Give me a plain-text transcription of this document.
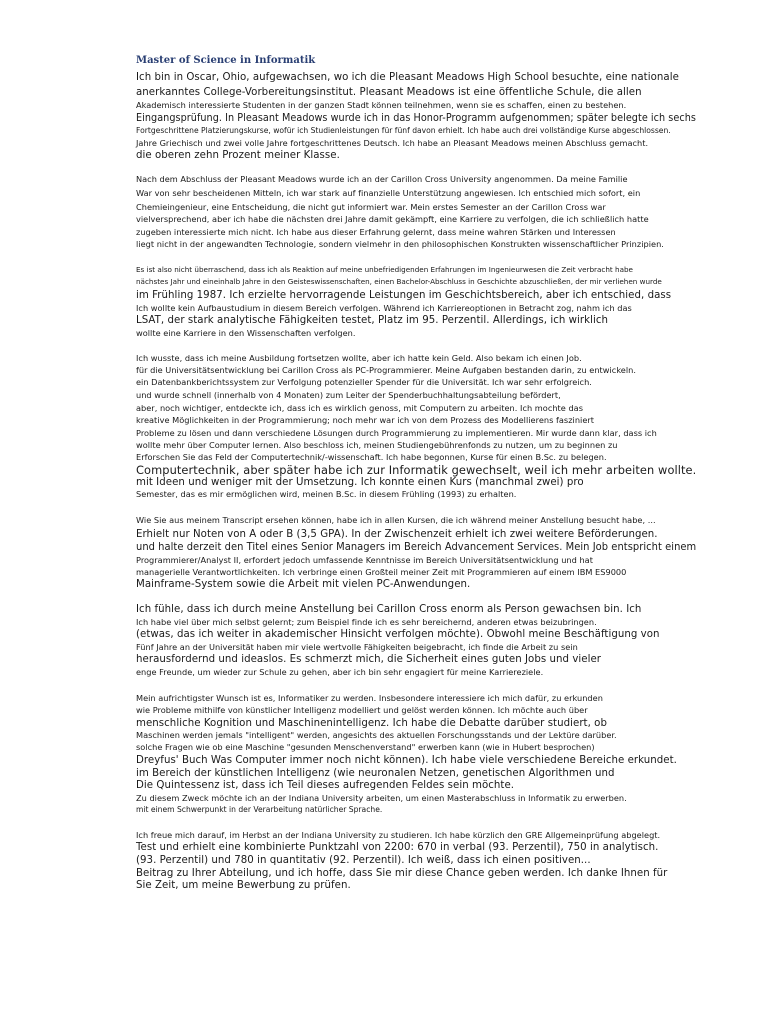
Master of Science in Informatik
Ich bin in Oscar, Ohio, aufgewachsen, wo ich die Pleasant Meadows High School besuchte, eine nationale
anerkanntes College-Vorbereitungsinstitut. Pleasant Meadows ist eine öffentliche Schule, die allen
Akademisch interessierte Studenten in der ganzen Stadt können teilnehmen, wenn sie es schaffen, einen zu bestehen.
Eingangsprüfung. In Pleasant Meadows wurde ich in das Honor-Programm aufgenommen; später belegte ich sechs
Fortgeschrittene Platzierungskurse, wofür ich Studienleistungen für fünf davon erhielt. Ich habe auch drei vollständige Kurse abgeschlossen.
Jahre Griechisch und zwei volle Jahre fortgeschrittenes Deutsch. Ich habe an Pleasant Meadows meinen Abschluss gemacht.
die oberen zehn Prozent meiner Klasse.
Nach dem Abschluss der Pleasant Meadows wurde ich an der Carillon Cross University angenommen. Da meine Familie
War von sehr bescheidenen Mitteln, ich war stark auf finanzielle Unterstützung angewiesen. Ich entschied mich sofort, ein
Chemieingenieur, eine Entscheidung, die nicht gut informiert war. Mein erstes Semester an der Carillon Cross war
vielversprechend, aber ich habe die nächsten drei Jahre damit gekämpft, eine Karriere zu verfolgen, die ich schließlich hatte
zugeben interessierte mich nicht. Ich habe aus dieser Erfahrung gelernt, dass meine wahren Stärken und Interessen
liegt nicht in der angewandten Technologie, sondern vielmehr in den philosophischen Konstrukten wissenschaftlicher Prinzipien.
Es ist also nicht überraschend, dass ich als Reaktion auf meine unbefriedigenden Erfahrungen im Ingenieurwesen die Zeit verbracht habe
nächstes Jahr und eineinhalb Jahre in den Geisteswissenschaften, einen Bachelor-Abschluss in Geschichte abzuschließen, der mir verliehen wurde
im Frühling 1987. Ich erzielte hervorragende Leistungen im Geschichtsbereich, aber ich entschied, dass
Ich wollte kein Aufbaustudium in diesem Bereich verfolgen. Während ich Karriereoptionen in Betracht zog, nahm ich das
LSAT, der stark analytische Fähigkeiten testet, Platz im 95. Perzentil. Allerdings, ich wirklich
wollte eine Karriere in den Wissenschaften verfolgen.
Ich wusste, dass ich meine Ausbildung fortsetzen wollte, aber ich hatte kein Geld. Also bekam ich einen Job.
für die Universitätsentwicklung bei Carillon Cross als PC-Programmierer. Meine Aufgaben bestanden darin, zu entwickeln.
ein Datenbankberichtssystem zur Verfolgung potenzieller Spender für die Universität. Ich war sehr erfolgreich.
und wurde schnell (innerhalb von 4 Monaten) zum Leiter der Spenderbuchhaltungsabteilung befördert,
aber, noch wichtiger, entdeckte ich, dass ich es wirklich genoss, mit Computern zu arbeiten. Ich mochte das
kreative Möglichkeiten in der Programmierung; noch mehr war ich von dem Prozess des Modellierens fasziniert
Probleme zu lösen und dann verschiedene Lösungen durch Programmierung zu implementieren. Mir wurde dann klar, dass ich
wollte mehr über Computer lernen. Also beschloss ich, meinen Studiengebührenfonds zu nutzen, um zu beginnen zu
Erforschen Sie das Feld der Computertechnik/-wissenschaft. Ich habe begonnen, Kurse für einen B.Sc. zu belegen.
Computertechnik, aber später habe ich zur Informatik gewechselt, weil ich mehr arbeiten wollte.
mit Ideen und weniger mit der Umsetzung. Ich konnte einen Kurs (manchmal zwei) pro
Semester, das es mir ermöglichen wird, meinen B.Sc. in diesem Frühling (1993) zu erhalten.
Wie Sie aus meinem Transcript ersehen können, habe ich in allen Kursen, die ich während meiner Anstellung besucht habe, ...
Erhielt nur Noten von A oder B (3,5 GPA). In der Zwischenzeit erhielt ich zwei weitere Beförderungen.
und halte derzeit den Titel eines Senior Managers im Bereich Advancement Services. Mein Job entspricht einem
Programmierer/Analyst II, erfordert jedoch umfassende Kenntnisse im Bereich Universitätsentwicklung und hat
managerielle Verantwortlichkeiten. Ich verbringe einen Großteil meiner Zeit mit Programmieren auf einem IBM ES9000
Mainframe-System sowie die Arbeit mit vielen PC-Anwendungen.
Ich fühle, dass ich durch meine Anstellung bei Carillon Cross enorm als Person gewachsen bin. Ich
Ich habe viel über mich selbst gelernt; zum Beispiel finde ich es sehr bereichernd, anderen etwas beizubringen.
(etwas, das ich weiter in akademischer Hinsicht verfolgen möchte). Obwohl meine Beschäftigung von
Fünf Jahre an der Universität haben mir viele wertvolle Fähigkeiten beigebracht, ich finde die Arbeit zu sein
herausfordernd und ideaslos. Es schmerzt mich, die Sicherheit eines guten Jobs und vieler
enge Freunde, um wieder zur Schule zu gehen, aber ich bin sehr engagiert für meine Karriereziele.
Mein aufrichtigster Wunsch ist es, Informatiker zu werden. Insbesondere interessiere ich mich dafür, zu erkunden
wie Probleme mithilfe von künstlicher Intelligenz modelliert und gelöst werden können. Ich möchte auch über
menschliche Kognition und Maschinenintelligenz. Ich habe die Debatte darüber studiert, ob
Maschinen werden jemals "intelligent" werden, angesichts des aktuellen Forschungsstands und der Lektüre darüber.
solche Fragen wie ob eine Maschine "gesunden Menschenverstand" erwerben kann (wie in Hubert besprochen)
Dreyfus' Buch Was Computer immer noch nicht können). Ich habe viele verschiedene Bereiche erkundet.
im Bereich der künstlichen Intelligenz (wie neuronalen Netzen, genetischen Algorithmen und
Die Quintessenz ist, dass ich Teil dieses aufregenden Feldes sein möchte.
Zu diesem Zweck möchte ich an der Indiana University arbeiten, um einen Masterabschluss in Informatik zu erwerben.
mit einem Schwerpunkt in der Verarbeitung natürlicher Sprache.
Ich freue mich darauf, im Herbst an der Indiana University zu studieren. Ich habe kürzlich den GRE Allgemeinprüfung abgelegt.
Test und erhielt eine kombinierte Punktzahl von 2200: 670 in verbal (93. Perzentil), 750 in analytisch.
(93. Perzentil) und 780 in quantitativ (92. Perzentil). Ich weiß, dass ich einen positiven...
Beitrag zu Ihrer Abteilung, und ich hoffe, dass Sie mir diese Chance geben werden. Ich danke Ihnen für
Sie Zeit, um meine Bewerbung zu prüfen.
